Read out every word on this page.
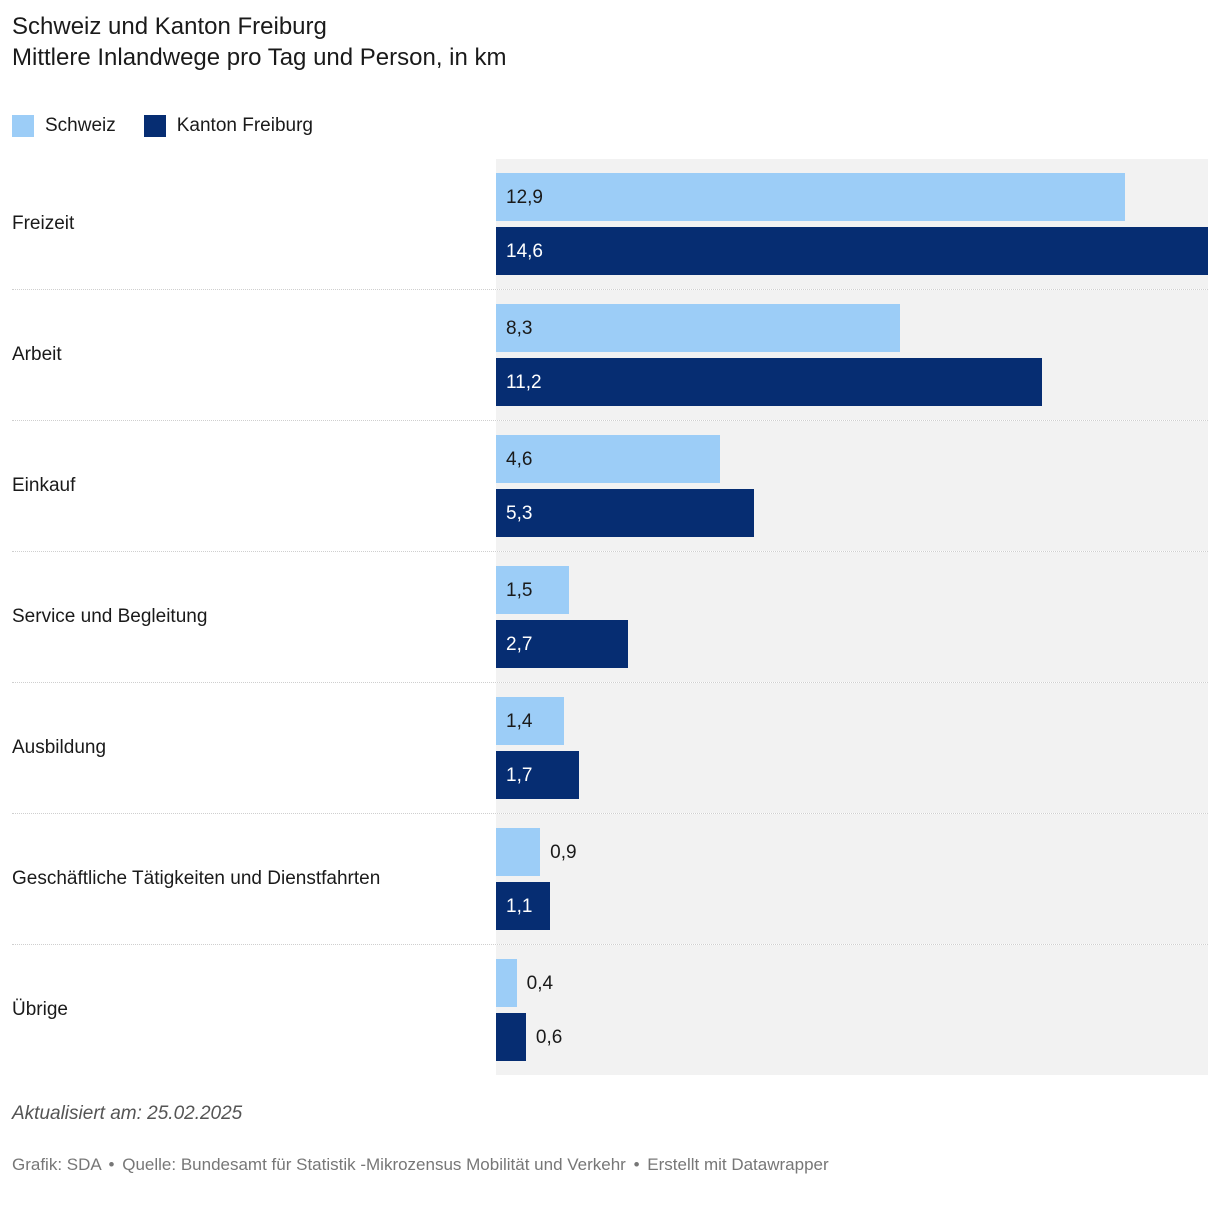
Schweiz und Kanton Freiburg
Mittlere Inlandwege pro Tag und Person, in km
Schweiz	Kanton Freiburg
Freizeit
12,9
14,6
Arbeit
8,3
11,2
Einkauf
4,6
5,3
Service und Begleitung
1,5
2,7
Ausbildung
1,4
1,7
Geschäftliche Tätigkeiten und Dienstfahrten
0,9
1,1
Übrige
0,4
0,6
Aktualisiert am: 25.02.2025
Grafik: SDA • Quelle: Bundesamt für Statistik -Mikrozensus Mobilität und Verkehr • Erstellt mit Datawrapper
